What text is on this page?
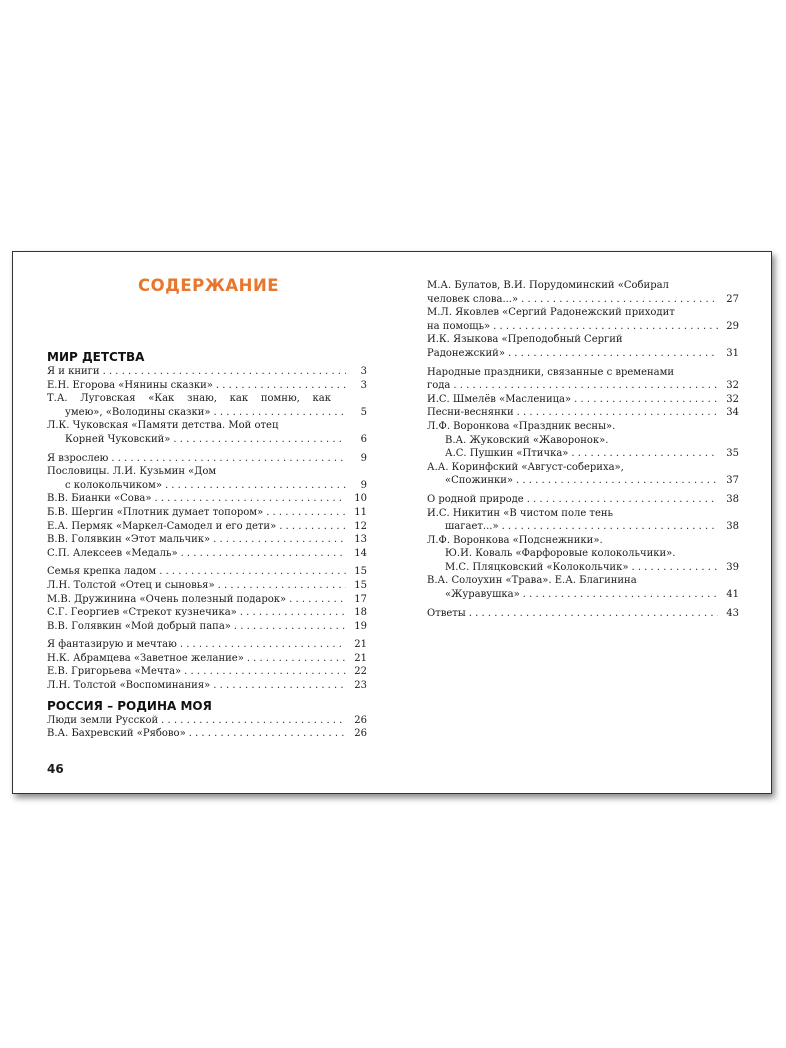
СОДЕРЖАНИЕ
МИР ДЕТСТВА
Я и книги . . .	3
Е.Н. Егорова «Нянины сказки» . . .	3
Т.А. Луговская «Как знаю, как помню, как
умею», «Володины сказки» . . .	5
Л.К. Чуковская «Памяти детства. Мой отец
Корней Чуковский» . . .	6
Я взрослею . . .	9
Пословицы. Л.И. Кузьмин «Дом
с колокольчиком» . . .	9
В.В. Бианки «Сова» . . .	10
Б.В. Шергин «Плотник думает топором» . . .	11
Е.А. Пермяк «Маркел-Самодел и его дети» . . .	12
В.В. Голявкин «Этот мальчик» . . .	13
С.П. Алексеев «Медаль» . . .	14
Семья крепка ладом . . .	15
Л.Н. Толстой «Отец и сыновья» . . .	15
М.В. Дружинина «Очень полезный подарок» . . .	17
С.Г. Георгиев «Стрекот кузнечика» . . .	18
В.В. Голявкин «Мой добрый папа» . . .	19
Я фантазирую и мечтаю . . .	21
Н.К. Абрамцева «Заветное желание» . . .	21
Е.В. Григорьева «Мечта» . . .	22
Л.Н. Толстой «Воспоминания» . . .	23
РОССИЯ – РОДИНА МОЯ
Люди земли Русской . . .	26
В.А. Бахревский «Рябово» . . .	26
46
М.А. Булатов, В.И. Порудоминский «Собирал
человек слова...» . . .	27
М.Л. Яковлев «Сергий Радонежский приходит
на помощь» . . .	29
И.К. Языкова «Преподобный Сергий
Радонежский» . . .	31
Народные праздники, связанные с временами
года . . .	32
И.С. Шмелёв «Масленица» . . .	32
Песни-веснянки . . .	34
Л.Ф. Воронкова «Праздник весны».
В.А. Жуковский «Жаворонок».
А.С. Пушкин «Птичка» . . .	35
А.А. Коринфский «Август-собериха»,
«Спожинки» . . .	37
О родной природе . . .	38
И.С. Никитин «В чистом поле тень
шагает...» . . .	38
Л.Ф. Воронкова «Подснежники».
Ю.И. Коваль «Фарфоровые колокольчики».
М.С. Пляцковский «Колокольчик» . . .	39
В.А. Солоухин «Трава». Е.А. Благинина
«Журавушка» . . .	41
Ответы . . .	43
